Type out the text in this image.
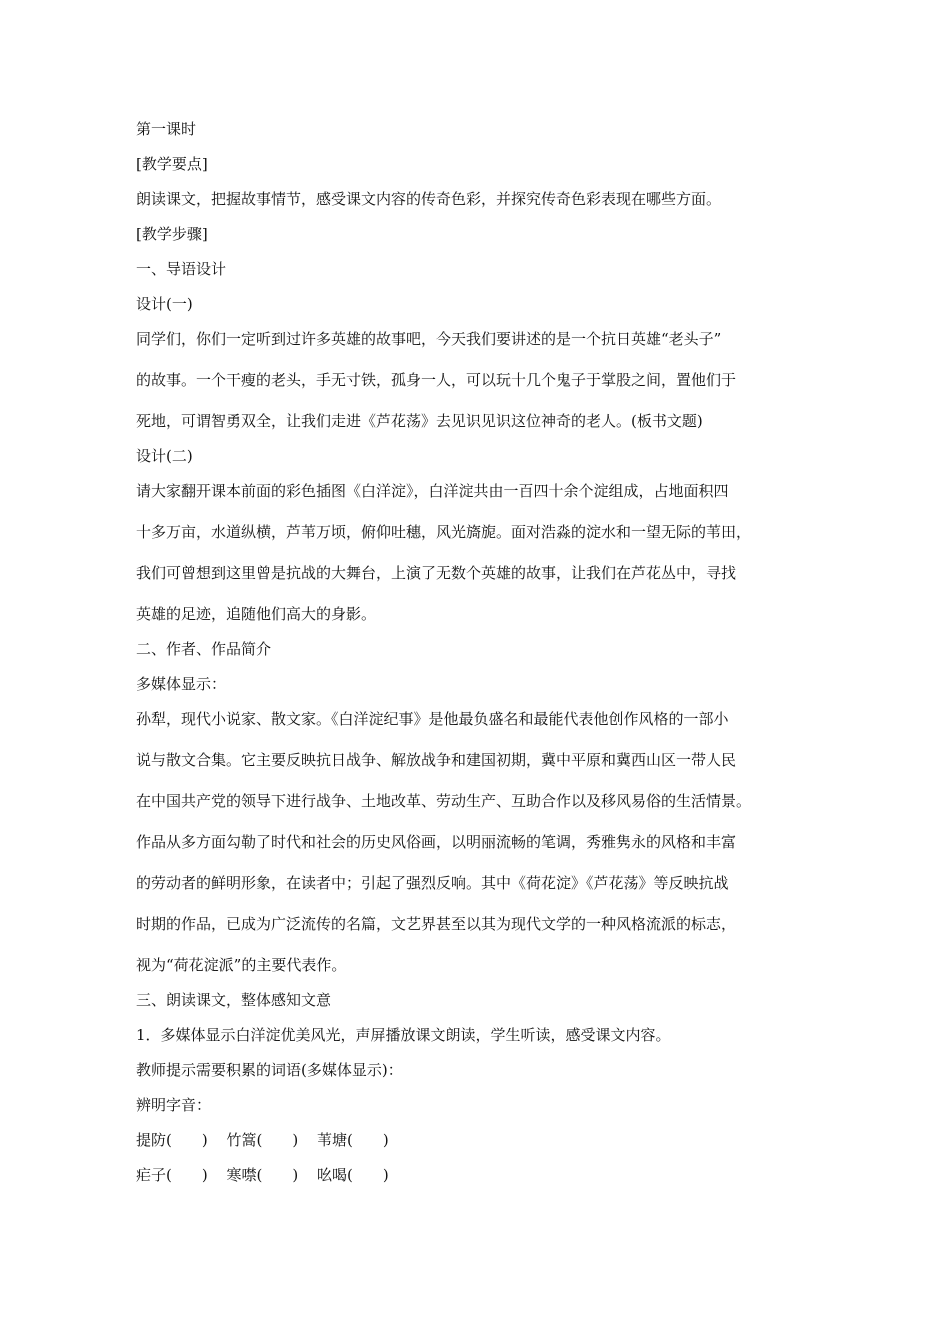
第一课时

[教学要点]

朗读课文，把握故事情节，感受课文内容的传奇色彩，并探究传奇色彩表现在哪些方面。

[教学步骤]

一、导语设计

设计(一)

同学们，你们一定听到过许多英雄的故事吧，今天我们要讲述的是一个抗日英雄“老头子”

的故事。一个干瘦的老头，手无寸铁，孤身一人，可以玩十几个鬼子于掌股之间，置他们于

死地，可谓智勇双全，让我们走进《芦花荡》去见识见识这位神奇的老人。(板书文题)

设计(二)

请大家翻开课本前面的彩色插图《白洋淀》，白洋淀共由一百四十余个淀组成，占地面积四

十多万亩，水道纵横，芦苇万顷，俯仰吐穗，风光旖旎。面对浩淼的淀水和一望无际的苇田，

我们可曾想到这里曾是抗战的大舞台，上演了无数个英雄的故事，让我们在芦花丛中，寻找

英雄的足迹，追随他们高大的身影。

二、作者、作品简介

多媒体显示：

孙犁，现代小说家、散文家。《白洋淀纪事》是他最负盛名和最能代表他创作风格的一部小

说与散文合集。它主要反映抗日战争、解放战争和建国初期，冀中平原和冀西山区一带人民

在中国共产党的领导下进行战争、土地改革、劳动生产、互助合作以及移风易俗的生活情景。

作品从多方面勾勒了时代和社会的历史风俗画，以明丽流畅的笔调，秀雅隽永的风格和丰富

的劳动者的鲜明形象，在读者中；引起了强烈反响。其中《荷花淀》《芦花荡》等反映抗战

时期的作品，已成为广泛流传的名篇，文艺界甚至以其为现代文学的一种风格流派的标志，

视为“荷花淀派”的主要代表作。

三、朗读课文，整体感知文意

1．多媒体显示白洋淀优美风光，声屏播放课文朗读，学生听读，感受课文内容。

教师提示需要积累的词语(多媒体显示)：

辨明字音：

提防(　　) 竹篙(　　) 苇塘(　　)

疟子(　　) 寒噤(　　) 吆喝(　　)
